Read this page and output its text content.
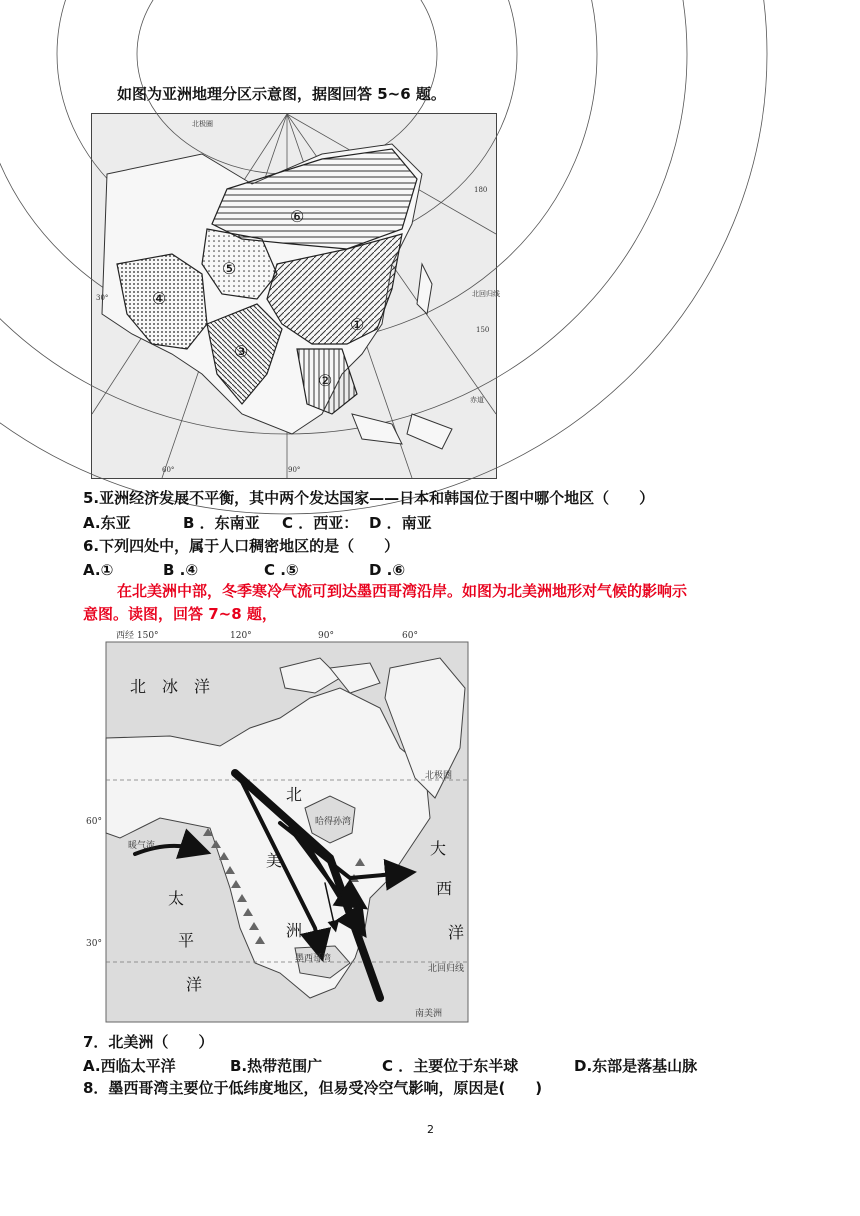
如图为亚洲地理分区示意图，据图回答 5~6 题。
⑥
⑤
④
①
③
②
180
150
60°	90°
30°
北极圈
北回归线
赤道
5.亚洲经济发展不平衡，其中两个发达国家——日本和韩国位于图中哪个地区（　　）
A.东亚	B ．东南亚 C ．西亚： D ．南亚
6.下列四处中，属于人口稠密地区的是（　　）
A.①	B .④	C .⑤	D .⑥
在北美洲中部，冬季寒冷气流可到达墨西哥湾沿岸。如图为北美洲地形对气候的影响示
意图。读图，回答 7~8 题，
西经 150°	120°	90°	60°
60°
30°
北　冰　洋
北
美
洲
大
西
洋
太
平
洋
哈得孙湾
北极圈
北回归线
墨西哥湾
南美洲
暖气流
7．北美洲（　　）
A.西临太平洋	B.热带范围广	C ．主要位于东半球	D.东部是落基山脉
8．墨西哥湾主要位于低纬度地区，但易受冷空气影响，原因是(　　)
2
